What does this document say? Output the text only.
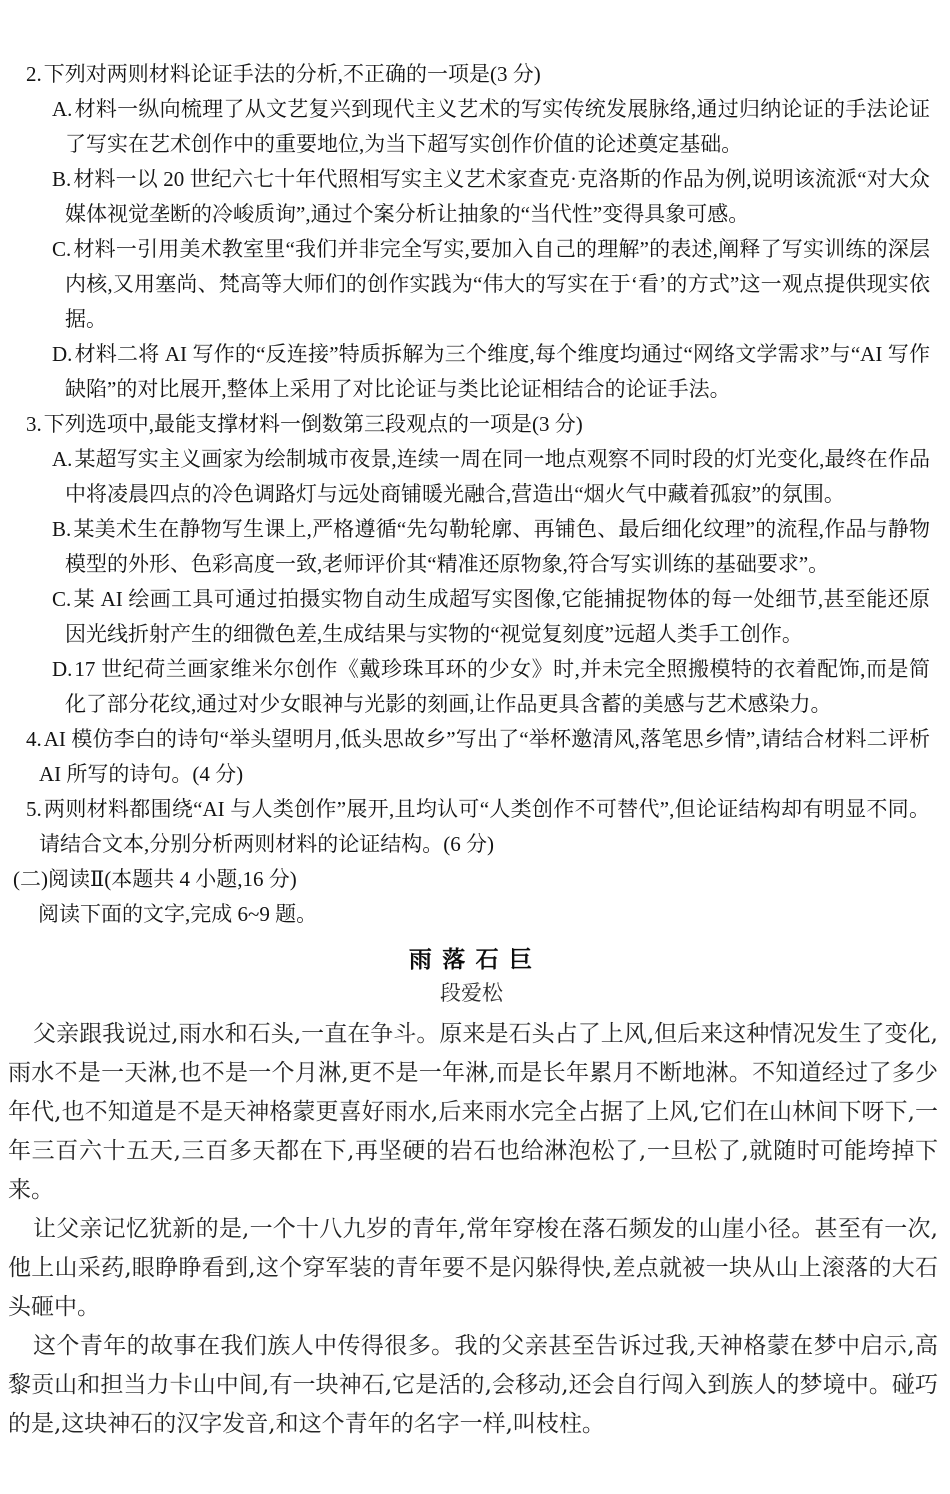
2.下列对两则材料论证手法的分析,不正确的一项是(3 分)

A.材料一纵向梳理了从文艺复兴到现代主义艺术的写实传统发展脉络,通过归纳论证的手法论证了写实在艺术创作中的重要地位,为当下超写实创作价值的论述奠定基础。

B.材料一以 20 世纪六七十年代照相写实主义艺术家查克·克洛斯的作品为例,说明该流派“对大众媒体视觉垄断的冷峻质询”,通过个案分析让抽象的“当代性”变得具象可感。

C.材料一引用美术教室里“我们并非完全写实,要加入自己的理解”的表述,阐释了写实训练的深层内核,又用塞尚、梵高等大师们的创作实践为“伟大的写实在于‘看’的方式”这一观点提供现实依据。

D.材料二将 AI 写作的“反连接”特质拆解为三个维度,每个维度均通过“网络文学需求”与“AI 写作缺陷”的对比展开,整体上采用了对比论证与类比论证相结合的论证手法。

3.下列选项中,最能支撑材料一倒数第三段观点的一项是(3 分)

A.某超写实主义画家为绘制城市夜景,连续一周在同一地点观察不同时段的灯光变化,最终在作品中将凌晨四点的冷色调路灯与远处商铺暖光融合,营造出“烟火气中藏着孤寂”的氛围。

B.某美术生在静物写生课上,严格遵循“先勾勒轮廓、再铺色、最后细化纹理”的流程,作品与静物模型的外形、色彩高度一致,老师评价其“精准还原物象,符合写实训练的基础要求”。

C.某 AI 绘画工具可通过拍摄实物自动生成超写实图像,它能捕捉物体的每一处细节,甚至能还原因光线折射产生的细微色差,生成结果与实物的“视觉复刻度”远超人类手工创作。

D.17 世纪荷兰画家维米尔创作《戴珍珠耳环的少女》时,并未完全照搬模特的衣着配饰,而是简化了部分花纹,通过对少女眼神与光影的刻画,让作品更具含蓄的美感与艺术感染力。

4.AI 模仿李白的诗句“举头望明月,低头思故乡”写出了“举杯邀清风,落笔思乡情”,请结合材料二评析 AI 所写的诗句。(4 分)

5.两则材料都围绕“AI 与人类创作”展开,且均认可“人类创作不可替代”,但论证结构却有明显不同。请结合文本,分别分析两则材料的论证结构。(6 分)

(二)阅读Ⅱ(本题共 4 小题,16 分)

阅读下面的文字,完成 6~9 题。

雨 落 石 巨

段爱松

父亲跟我说过,雨水和石头,一直在争斗。原来是石头占了上风,但后来这种情况发生了变化,雨水不是一天淋,也不是一个月淋,更不是一年淋,而是长年累月不断地淋。不知道经过了多少年代,也不知道是不是天神格蒙更喜好雨水,后来雨水完全占据了上风,它们在山林间下呀下,一年三百六十五天,三百多天都在下,再坚硬的岩石也给淋泡松了,一旦松了,就随时可能垮掉下来。

让父亲记忆犹新的是,一个十八九岁的青年,常年穿梭在落石频发的山崖小径。甚至有一次,他上山采药,眼睁睁看到,这个穿军装的青年要不是闪躲得快,差点就被一块从山上滚落的大石头砸中。

这个青年的故事在我们族人中传得很多。我的父亲甚至告诉过我,天神格蒙在梦中启示,高黎贡山和担当力卡山中间,有一块神石,它是活的,会移动,还会自行闯入到族人的梦境中。碰巧的是,这块神石的汉字发音,和这个青年的名字一样,叫枝柱。
